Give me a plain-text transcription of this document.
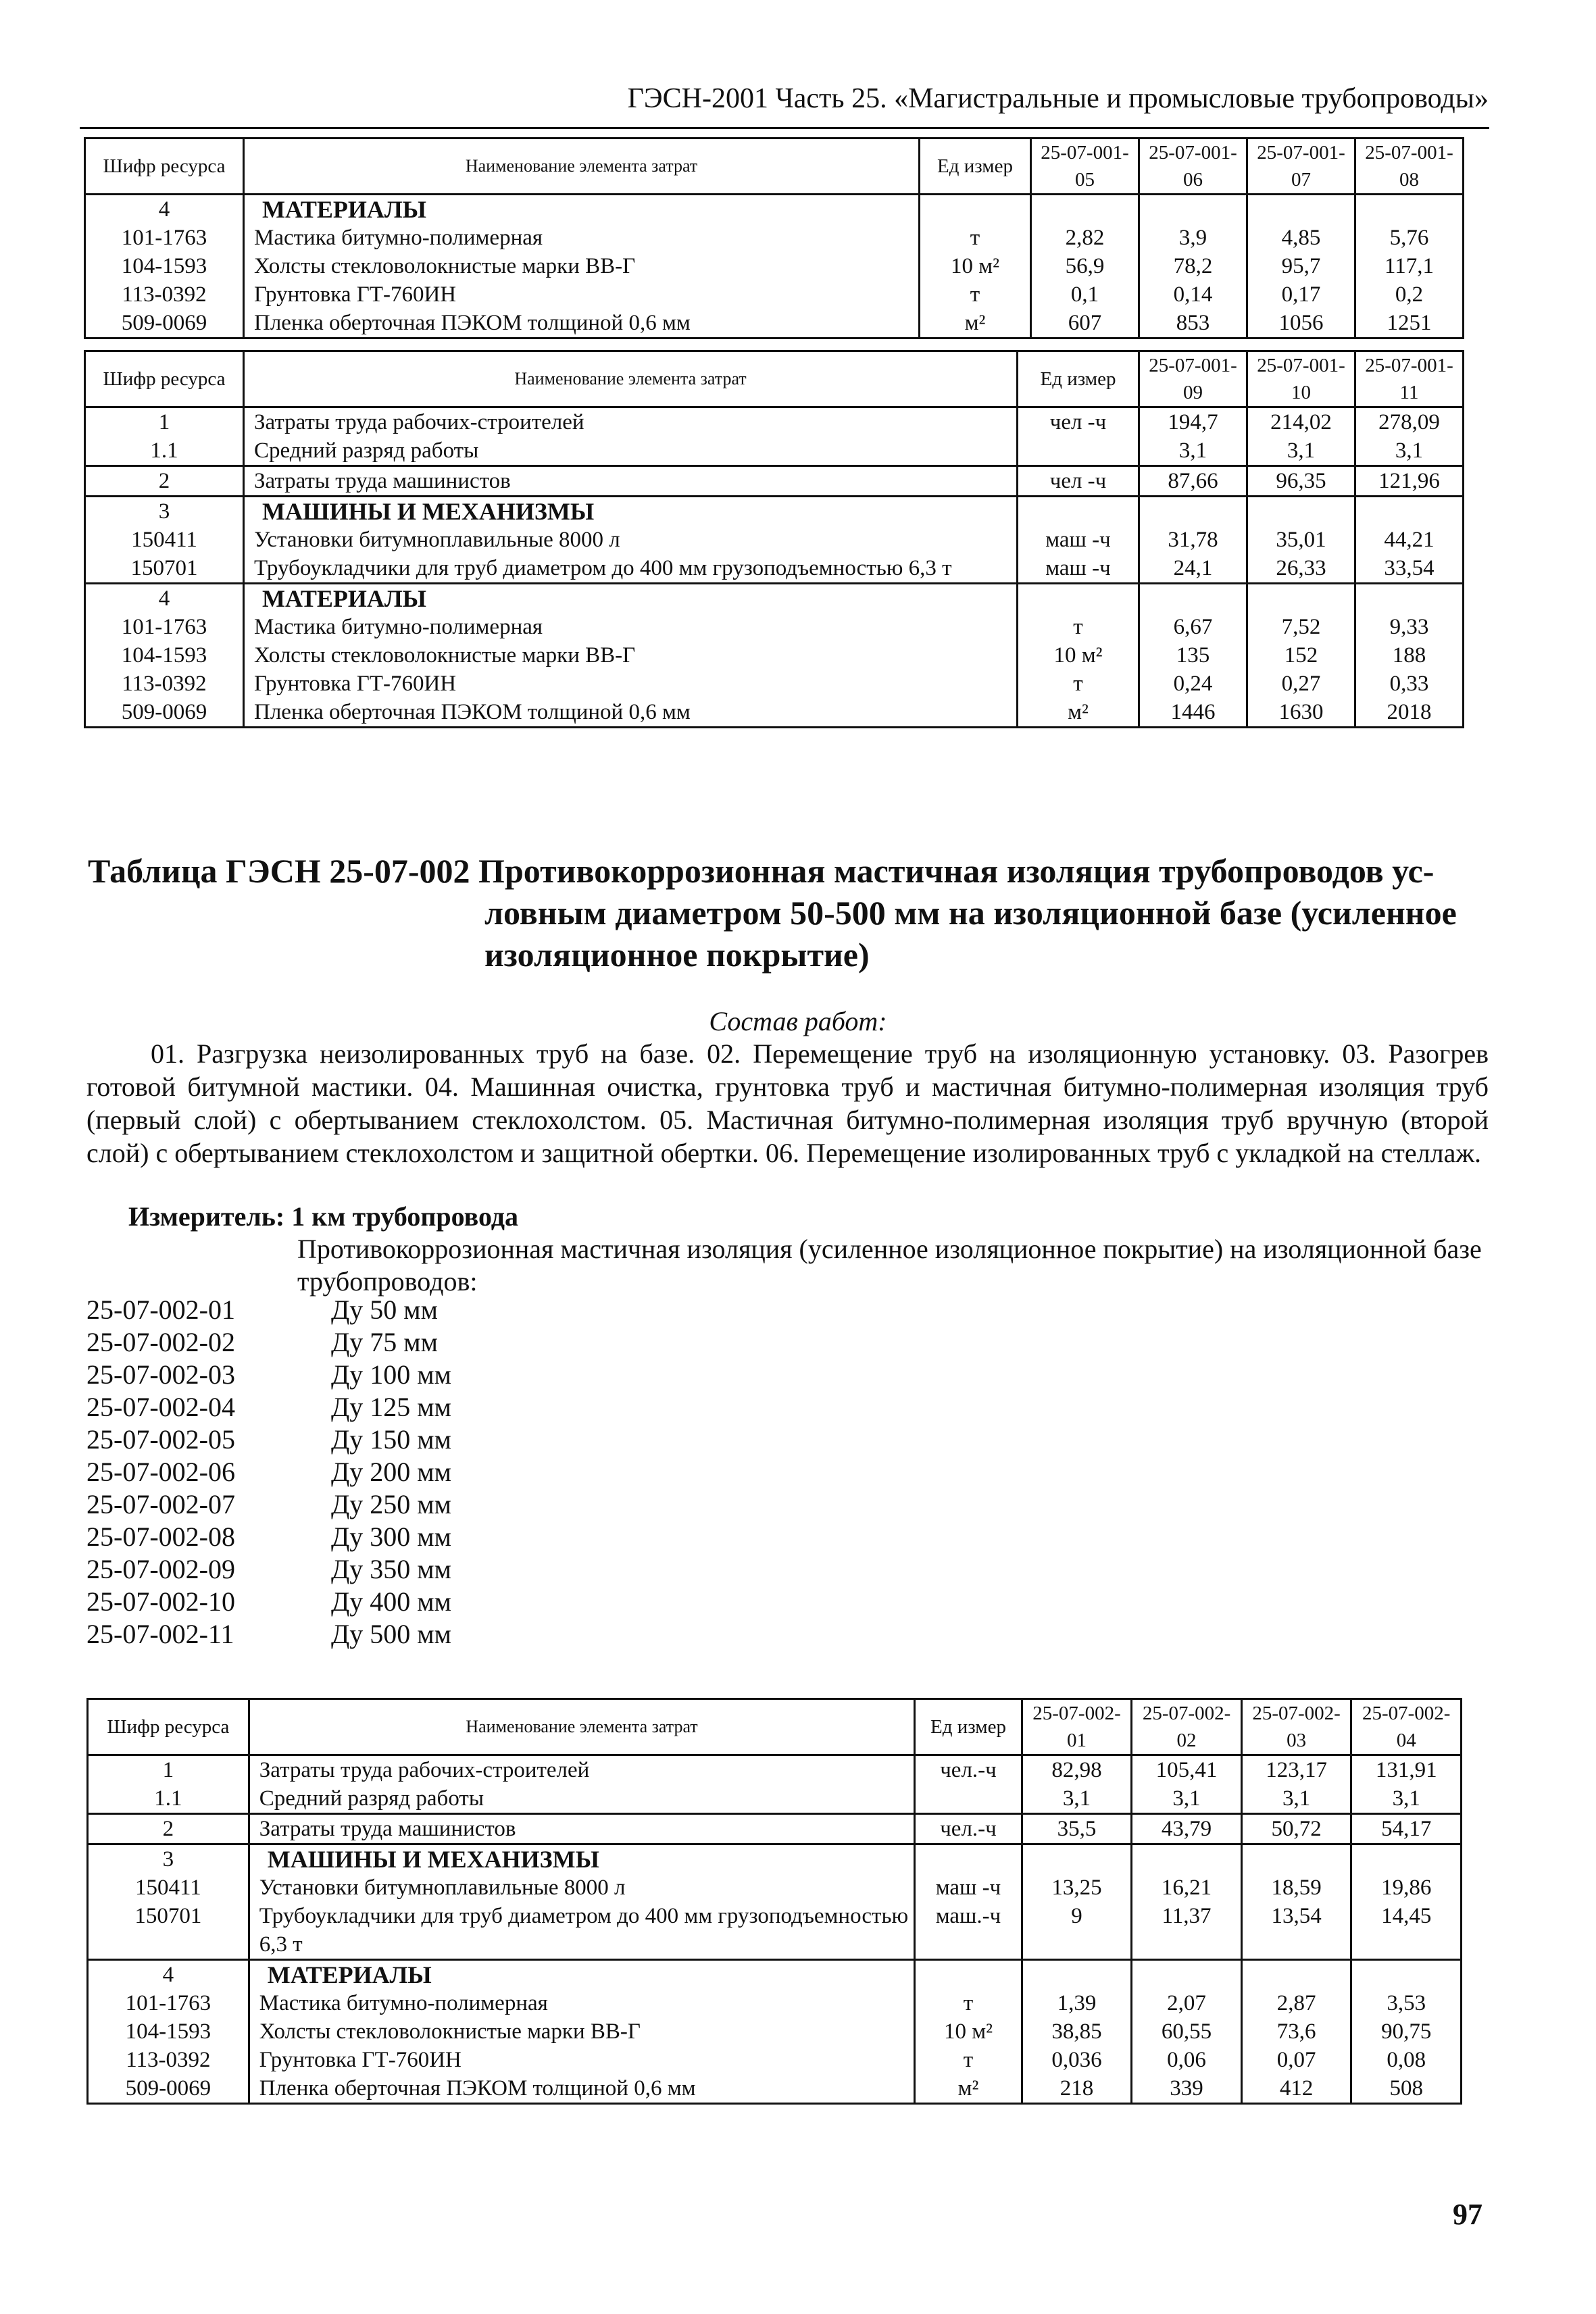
ГЭСН-2001 Часть 25. «Магистральные и промысловые трубопроводы»
Шифр ресурса	Наименование элемента затрат	Ед измер	25-07-001-05	25-07-001-06	25-07-001-07	25-07-001-08
4	МАТЕРИАЛЫ					
101-1763	Мастика битумно-полимерная	т	2,82	3,9	4,85	5,76
104-1593	Холсты стекловолокнистые марки ВВ-Г	10 м²	56,9	78,2	95,7	117,1
113-0392	Грунтовка ГТ-760ИН	т	0,1	0,14	0,17	0,2
509-0069	Пленка оберточная ПЭКОМ толщиной 0,6 мм	м²	607	853	1056	1251
Шифр ресурса	Наименование элемента затрат	Ед измер	25-07-001-09	25-07-001-10	25-07-001-11
1	Затраты труда рабочих-строителей	чел -ч	194,7	214,02	278,09
1.1	Средний разряд работы		3,1	3,1	3,1
2	Затраты труда машинистов	чел -ч	87,66	96,35	121,96
3	МАШИНЫ И МЕХАНИЗМЫ				
150411	Установки битумноплавильные 8000 л	маш -ч	31,78	35,01	44,21
150701	Трубоукладчики для труб диаметром до 400 мм грузоподъемностью 6,3 т	маш -ч	24,1	26,33	33,54
4	МАТЕРИАЛЫ				
101-1763	Мастика битумно-полимерная	т	6,67	7,52	9,33
104-1593	Холсты стекловолокнистые марки ВВ-Г	10 м²	135	152	188
113-0392	Грунтовка ГТ-760ИН	т	0,24	0,27	0,33
509-0069	Пленка оберточная ПЭКОМ толщиной 0,6 мм	м²	1446	1630	2018
Таблица ГЭСН 25-07-002 Противокоррозионная мастичная изоляция трубопроводов ус-
ловным диаметром 50-500 мм на изоляционной базе (усиленное
изоляционное покрытие)
Состав работ:
01. Разгрузка неизолированных труб на базе. 02. Перемещение труб на изоляционную установку. 03. Разогрев готовой битумной мастики. 04. Машинная очистка, грунтовка труб и мастичная битумно-полимерная изоляция труб (первый слой) с обертыванием стеклохолстом. 05. Мастичная битумно-полимерная изоляция труб вручную (второй слой) с обертыванием стеклохолстом и защитной обертки. 06. Перемещение изолированных труб с укладкой на стеллаж.
Измеритель: 1 км трубопровода
Противокоррозионная мастичная изоляция (усиленное изоляционное покрытие) на изоляционной базе трубопроводов:
25-07-002-01	Ду 50 мм
25-07-002-02	Ду 75 мм
25-07-002-03	Ду 100 мм
25-07-002-04	Ду 125 мм
25-07-002-05	Ду 150 мм
25-07-002-06	Ду 200 мм
25-07-002-07	Ду 250 мм
25-07-002-08	Ду 300 мм
25-07-002-09	Ду 350 мм
25-07-002-10	Ду 400 мм
25-07-002-11	Ду 500 мм
Шифр ресурса	Наименование элемента затрат	Ед измер	25-07-002-01	25-07-002-02	25-07-002-03	25-07-002-04
1	Затраты труда рабочих-строителей	чел.-ч	82,98	105,41	123,17	131,91
1.1	Средний разряд работы		3,1	3,1	3,1	3,1
2	Затраты труда машинистов	чел.-ч	35,5	43,79	50,72	54,17
3	МАШИНЫ И МЕХАНИЗМЫ					
150411	Установки битумноплавильные 8000 л	маш -ч	13,25	16,21	18,59	19,86
150701	Трубоукладчики для труб диаметром до 400 мм грузоподъемностью 6,3 т	маш.-ч	9	11,37	13,54	14,45
4	МАТЕРИАЛЫ					
101-1763	Мастика битумно-полимерная	т	1,39	2,07	2,87	3,53
104-1593	Холсты стекловолокнистые марки ВВ-Г	10 м²	38,85	60,55	73,6	90,75
113-0392	Грунтовка ГТ-760ИН	т	0,036	0,06	0,07	0,08
509-0069	Пленка оберточная ПЭКОМ толщиной 0,6 мм	м²	218	339	412	508
97
